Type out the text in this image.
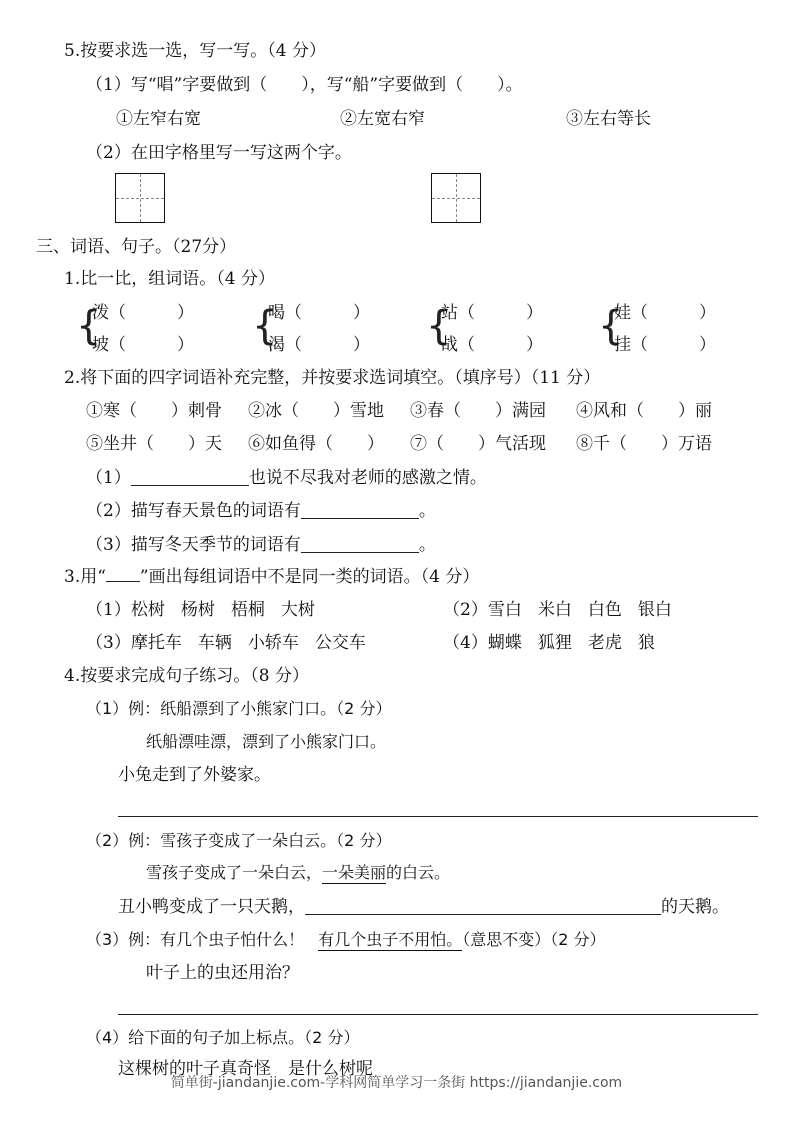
5.按要求选一选，写一写。（4 分）
（1）写“唱”字要做到（　　），写“船”字要做到（　　）。
①左窄右宽	②左宽右窄	③左右等长
（2）在田字格里写一写这两个字。
三、词语、句子。（27分）
1.比一比，组词语。（4 分）
{
泼（　　　）
坡（　　　） {
喝（　　　）
渴（　　　） {
站（　　　）
战（　　　） {
娃（　　　）
挂（　　　）
2.将下面的四字词语补充完整，并按要求选词填空。（填序号）（11 分）
①寒（　　）刺骨 ②冰（　　）雪地 ③春（　　）满园 ④风和（　　）丽
⑤坐井（　　）天 ⑥如鱼得（　　） ⑦（　　）气活现 ⑧千（　　）万语
（1）	也说不尽我对老师的感激之情。
（2）描写春天景色的词语有	。
（3）描写冬天季节的词语有	。
3.用“ ”画出每组词语中不是同一类的词语。（4 分）
（1）松树 杨树 梧桐 大树	（2）雪白 米白 白色 银白
（3）摩托车 车辆 小轿车 公交车	（4）蝴蝶 狐狸 老虎 狼
4.按要求完成句子练习。（8 分）
（1）例：纸船漂到了小熊家门口。（2 分）
纸船漂哇漂，漂到了小熊家门口。
小兔走到了外婆家。
（2）例：雪孩子变成了一朵白云。（2 分）
雪孩子变成了一朵白云，一朵美丽的白云。
丑小鸭变成了一只天鹅，	的天鹅。
（3）例：有几个虫子怕什么！ 有几个虫子不用怕。（意思不变）（2 分）
叶子上的虫还用治？
（4）给下面的句子加上标点。（2 分）
这棵树的叶子真奇怪　是什么树呢
简单街-jiandanjie.com-学科网简单学习一条街 https://jiandanjie.com
